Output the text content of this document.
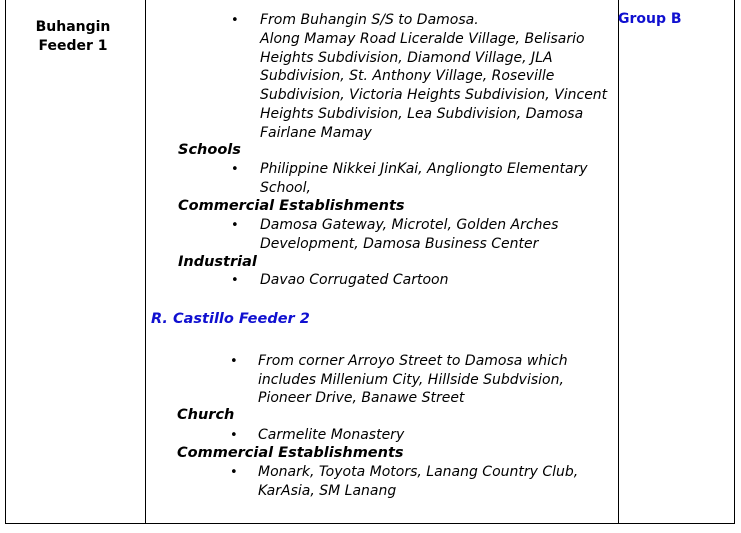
Buhangin
Feeder 1
Group B
• From Buhangin S/S to Damosa.
Along Mamay Road Liceralde Village, Belisario Heights Subdivision, Diamond Village, JLA Subdivision, St. Anthony Village, Roseville Subdivision, Victoria Heights Subdivision, Vincent Heights Subdivision, Lea Subdivision, Damosa Fairlane Mamay
Schools
• Philippine Nikkei JinKai, Angliongto Elementary School,
Commercial Establishments
• Damosa Gateway, Microtel, Golden Arches Development, Damosa Business Center
Industrial
• Davao Corrugated Cartoon
R. Castillo Feeder 2
• From corner Arroyo Street to Damosa which includes Millenium City, Hillside Subdvision, Pioneer Drive, Banawe Street
Church
• Carmelite Monastery
Commercial Establishments
• Monark, Toyota Motors, Lanang Country Club, KarAsia, SM Lanang
